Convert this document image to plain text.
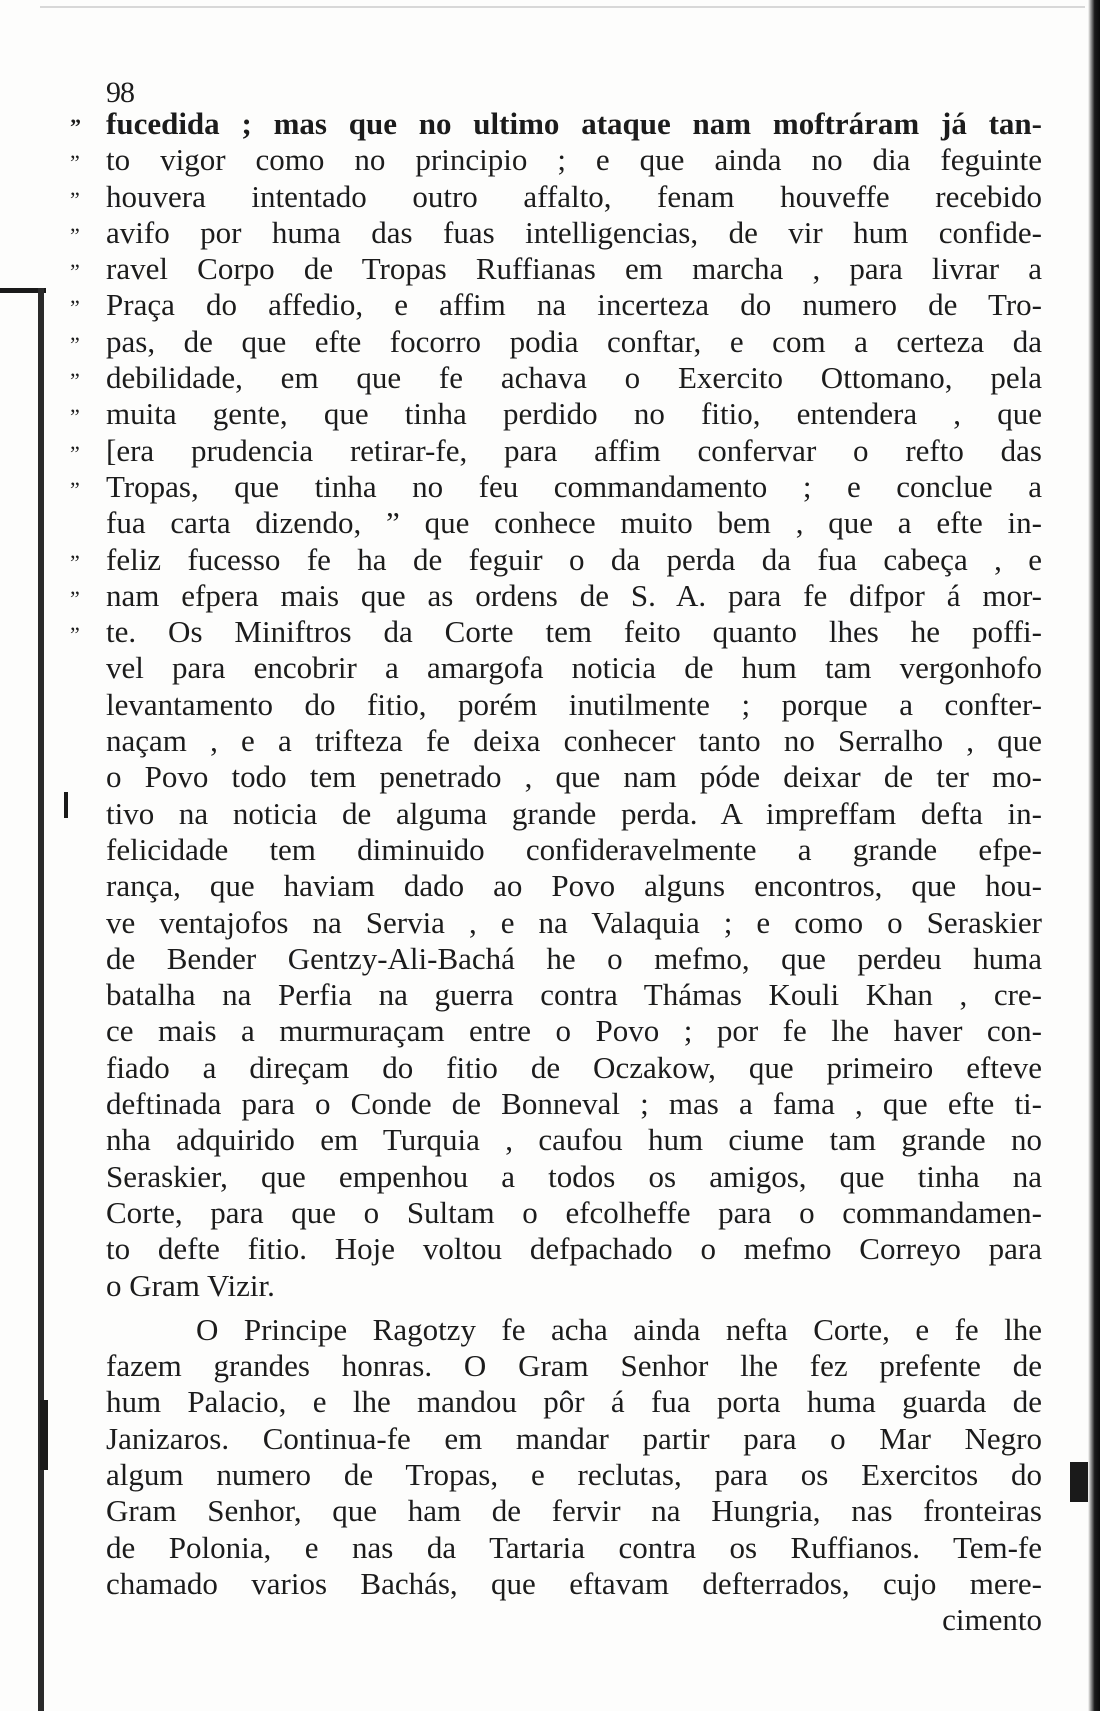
98
” fucedida ; mas que no ultimo ataque nam moftráram já tan-
” to vigor como no principio ; e que ainda no dia feguinte
” houvera intentado outro affalto, fenam houveffe recebido
” avifo por huma das fuas intelligencias, de vir hum confide-
” ravel Corpo de Tropas Ruffianas em marcha , para livrar a
” Praça do affedio, e affim na incerteza do numero de Tro-
” pas, de que efte focorro podia conftar, e com a certeza da
” debilidade, em que fe achava o Exercito Ottomano, pela
” muita gente, que tinha perdido no fitio, entendera , que
” [era prudencia retirar-fe, para affim confervar o refto das
” Tropas, que tinha no feu commandamento ; e conclue a
fua carta dizendo, ” que conhece muito bem , que a efte in-
” feliz fucesso fe ha de feguir o da perda da fua cabeça , e
” nam efpera mais que as ordens de S. A. para fe difpor á mor-
” te. Os Miniftros da Corte tem feito quanto lhes he poffi-
vel para encobrir a amargofa noticia de hum tam vergonhofo
levantamento do fitio, porém inutilmente ; porque a confter-
naçam , e a trifteza fe deixa conhecer tanto no Serralho , que
o Povo todo tem penetrado , que nam póde deixar de ter mo-
tivo na noticia de alguma grande perda. A impreffam defta in-
felicidade tem diminuido confideravelmente a grande efpe-
rança, que haviam dado ao Povo alguns encontros, que hou-
ve ventajofos na Servia , e na Valaquia ; e como o Seraskier
de Bender Gentzy-Ali-Bachá he o mefmo, que perdeu huma
batalha na Perfia na guerra contra Thámas Kouli Khan , cre-
ce mais a murmuraçam entre o Povo ; por fe lhe haver con-
fiado a direçam do fitio de Oczakow, que primeiro efteve
deftinada para o Conde de Bonneval ; mas a fama , que efte ti-
nha adquirido em Turquia , caufou hum ciume tam grande no
Seraskier, que empenhou a todos os amigos, que tinha na
Corte, para que o Sultam o efcolheffe para o commandamen-
to defte fitio. Hoje voltou defpachado o mefmo Correyo para
o Gram Vizir.
O Principe Ragotzy fe acha ainda nefta Corte, e fe lhe
fazem grandes honras. O Gram Senhor lhe fez prefente de
hum Palacio, e lhe mandou pôr á fua porta huma guarda de
Janizaros. Continua-fe em mandar partir para o Mar Negro
algum numero de Tropas, e reclutas, para os Exercitos do
Gram Senhor, que ham de fervir na Hungria, nas fronteiras
de Polonia, e nas da Tartaria contra os Ruffianos. Tem-fe
chamado varios Bachás, que eftavam defterrados, cujo mere-
cimento
